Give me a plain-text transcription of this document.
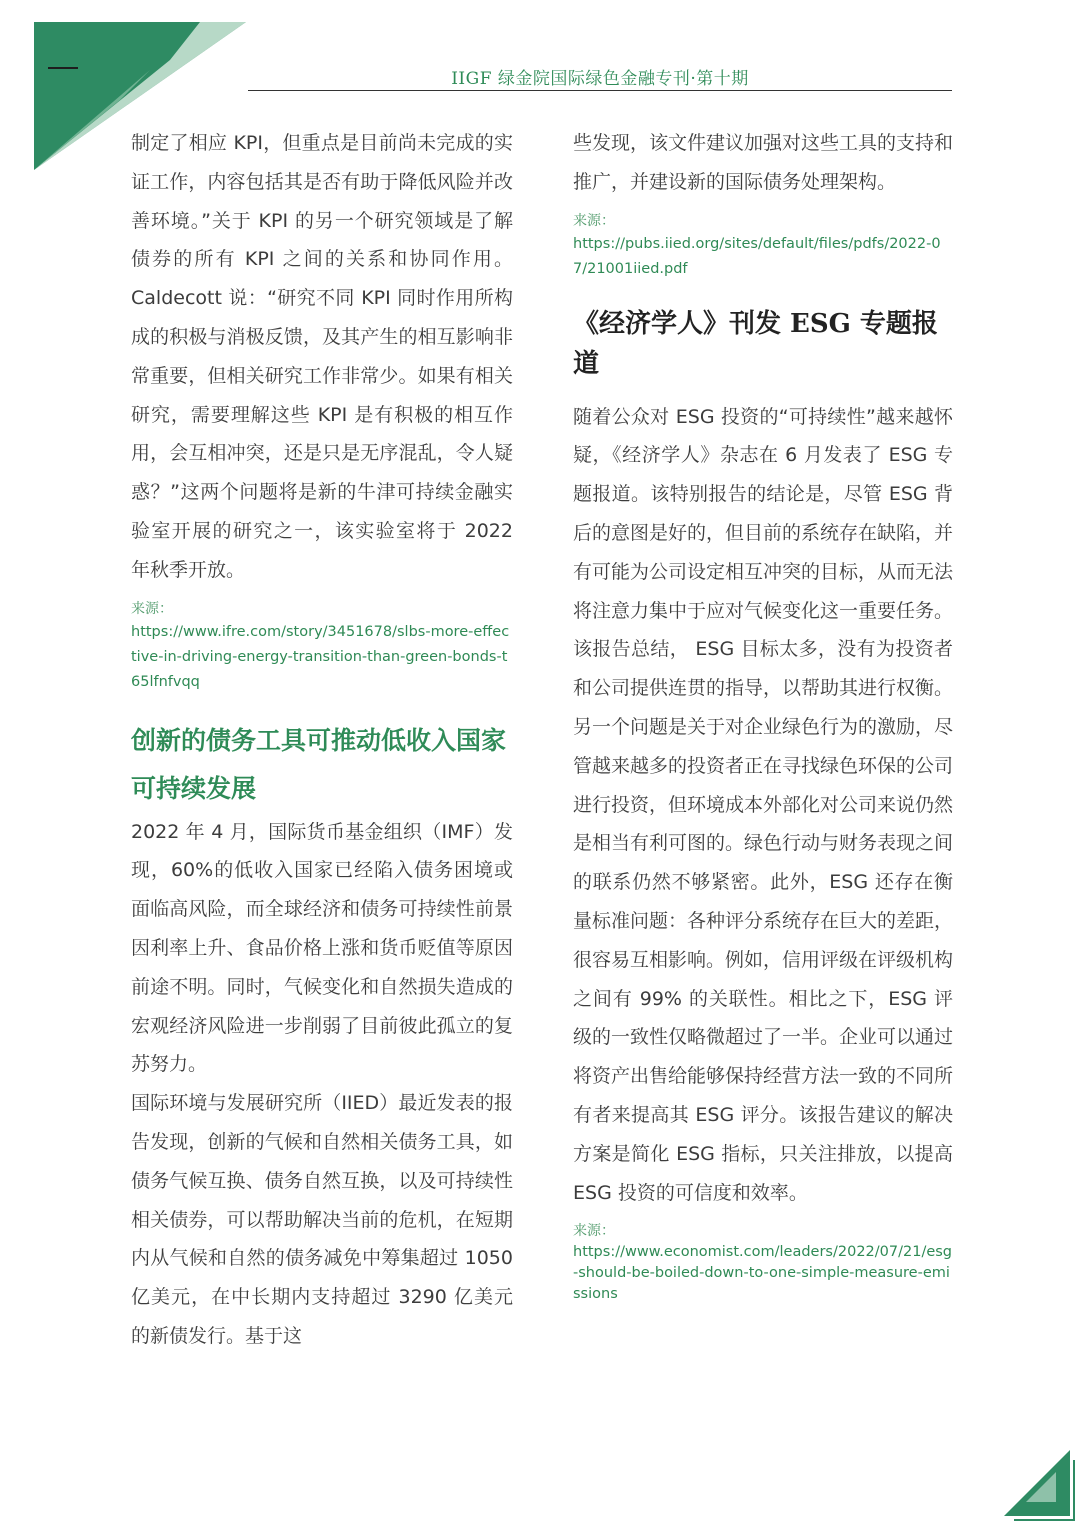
IIGF 绿金院国际绿色金融专刊·第十期

制定了相应 KPI，但重点是目前尚未完成的实证工作，内容包括其是否有助于降低风险并改善环境。”关于 KPI 的另一个研究领域是了解债券的所有 KPI 之间的关系和协同作用。Caldecott 说：“研究不同 KPI 同时作用所构成的积极与消极反馈，及其产生的相互影响非常重要，但相关研究工作非常少。如果有相关研究，需要理解这些 KPI 是有积极的相互作用，会互相冲突，还是只是无序混乱，令人疑惑？”这两个问题将是新的牛津可持续金融实验室开展的研究之一，该实验室将于 2022 年秋季开放。

来源：
https://www.ifre.com/story/3451678/slbs-more-effective-in-driving-energy-transition-than-green-bonds-t65lfnfvqq
创新的债务工具可推动低收入国家可持续发展

2022 年 4 月，国际货币基金组织（IMF）发现，60%的低收入国家已经陷入债务困境或面临高风险，而全球经济和债务可持续性前景因利率上升、食品价格上涨和货币贬值等原因前途不明。同时，气候变化和自然损失造成的宏观经济风险进一步削弱了目前彼此孤立的复苏努力。

国际环境与发展研究所（IIED）最近发表的报告发现，创新的气候和自然相关债务工具，如债务气候互换、债务自然互换，以及可持续性相关债券，可以帮助解决当前的危机，在短期内从气候和自然的债务减免中筹集超过 1050 亿美元，在中长期内支持超过 3290 亿美元的新债发行。基于这

些发现，该文件建议加强对这些工具的支持和推广，并建设新的国际债务处理架构。

来源：
https://pubs.iied.org/sites/default/files/pdfs/2022-07/21001iied.pdf
《经济学人》刊发 ESG 专题报道

随着公众对 ESG 投资的“可持续性”越来越怀疑，《经济学人》杂志在 6 月发表了 ESG 专题报道。该特别报告的结论是，尽管 ESG 背后的意图是好的，但目前的系统存在缺陷，并有可能为公司设定相互冲突的目标，从而无法将注意力集中于应对气候变化这一重要任务。该报告总结， ESG 目标太多，没有为投资者和公司提供连贯的指导，以帮助其进行权衡。另一个问题是关于对企业绿色行为的激励，尽管越来越多的投资者正在寻找绿色环保的公司进行投资，但环境成本外部化对公司来说仍然是相当有利可图的。绿色行动与财务表现之间的联系仍然不够紧密。此外，ESG 还存在衡量标准问题：各种评分系统存在巨大的差距，很容易互相影响。例如，信用评级在评级机构之间有 99% 的关联性。相比之下，ESG 评级的一致性仅略微超过了一半。企业可以通过将资产出售给能够保持经营方法一致的不同所有者来提高其 ESG 评分。该报告建议的解决方案是简化 ESG 指标，只关注排放，以提高 ESG 投资的可信度和效率。

来源：
https://www.economist.com/leaders/2022/07/21/esg-should-be-boiled-down-to-one-simple-measure-emissions
